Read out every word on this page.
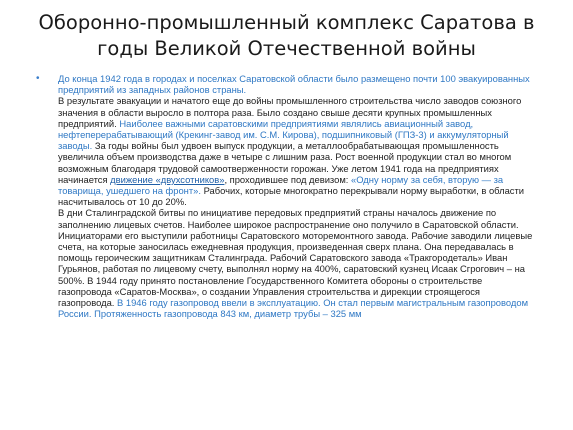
Оборонно-промышленный комплекс Саратова в
годы Великой Отечественной войны
• До конца 1942 года в городах и поселках Саратовской области было размещено почти 100 эвакуированных предприятий из западных районов страны.

В результате эвакуации и начатого еще до войны промышленного строительства число заводов союзного значения в области выросло в полтора раза. Было создано свыше десяти крупных промышленных предприятий. Наиболее важными саратовскими предприятиями являлись авиационный завод, нефтеперерабатывающий (Крекинг-завод им. С.М. Кирова), подшипниковый (ГПЗ-3) и аккумуляторный заводы. За годы войны был удвоен выпуск продукции, а металлообрабатывающая промышленность увеличила объем производства даже в четыре с лишним раза. Рост военной продукции стал во многом возможным благодаря трудовой самоотверженности горожан. Уже летом 1941 года на предприятиях начинается движение «двухсотников», проходившее под девизом: «Одну норму за себя, вторую — за товарища, ушедшего на фронт». Рабочих, которые многократно перекрывали норму выработки, в области насчитывалось от 10 до 20%.

В дни Сталинградской битвы по инициативе передовых предприятий страны началось движение по заполнению лицевых счетов. Наиболее широкое распространение оно получило в Саратовской области. Инициаторами его выступили работницы Саратовского моторемонтного завода. Рабочие заводили лицевые счета, на которые заносилась ежедневная продукция, произведенная сверх плана. Она передавалась в помощь героическим защитникам Сталинграда. Рабочий Саратовского завода «Тракгородеталь» Иван Гурьянов, работая по лицевому счету, выполнял норму на 400%, саратовский кузнец Исаак Сгрогович – на 500%. В 1944 году принято постановление Государственного Комитета обороны о строительстве газопровода «Саратов-Москва», о создании Управления строительства и дирекции строящегося газопровода. В 1946 году газопровод ввели в эксплуатацию. Он стал первым магистральным газопроводом России. Протяженность газопровода 843 км, диаметр трубы – 325 мм
